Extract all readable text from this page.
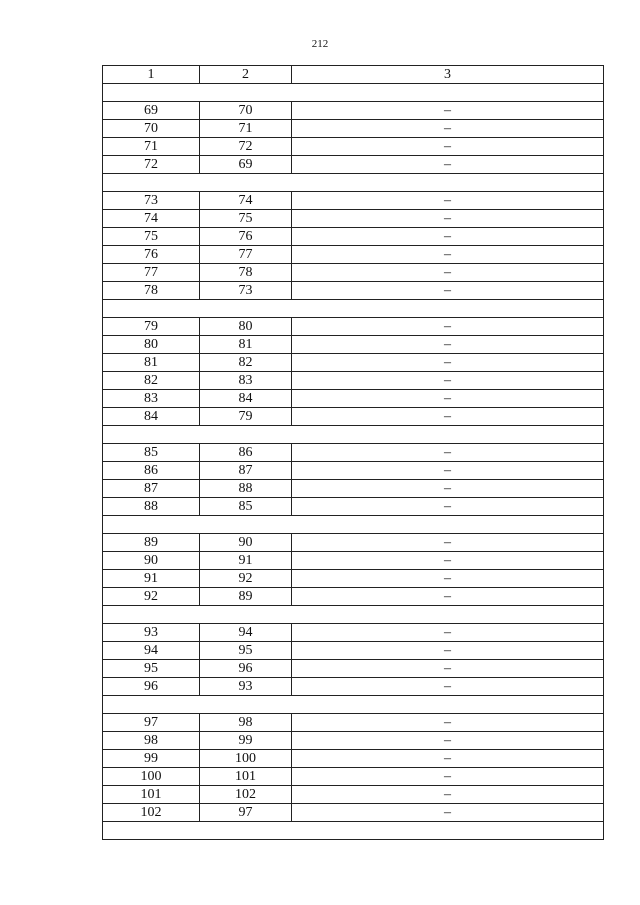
212
1	2	3

69	70	–
70	71	–
71	72	–
72	69	–

73	74	–
74	75	–
75	76	–
76	77	–
77	78	–
78	73	–

79	80	–
80	81	–
81	82	–
82	83	–
83	84	–
84	79	–

85	86	–
86	87	–
87	88	–
88	85	–

89	90	–
90	91	–
91	92	–
92	89	–

93	94	–
94	95	–
95	96	–
96	93	–

97	98	–
98	99	–
99	100	–
100	101	–
101	102	–
102	97	–
